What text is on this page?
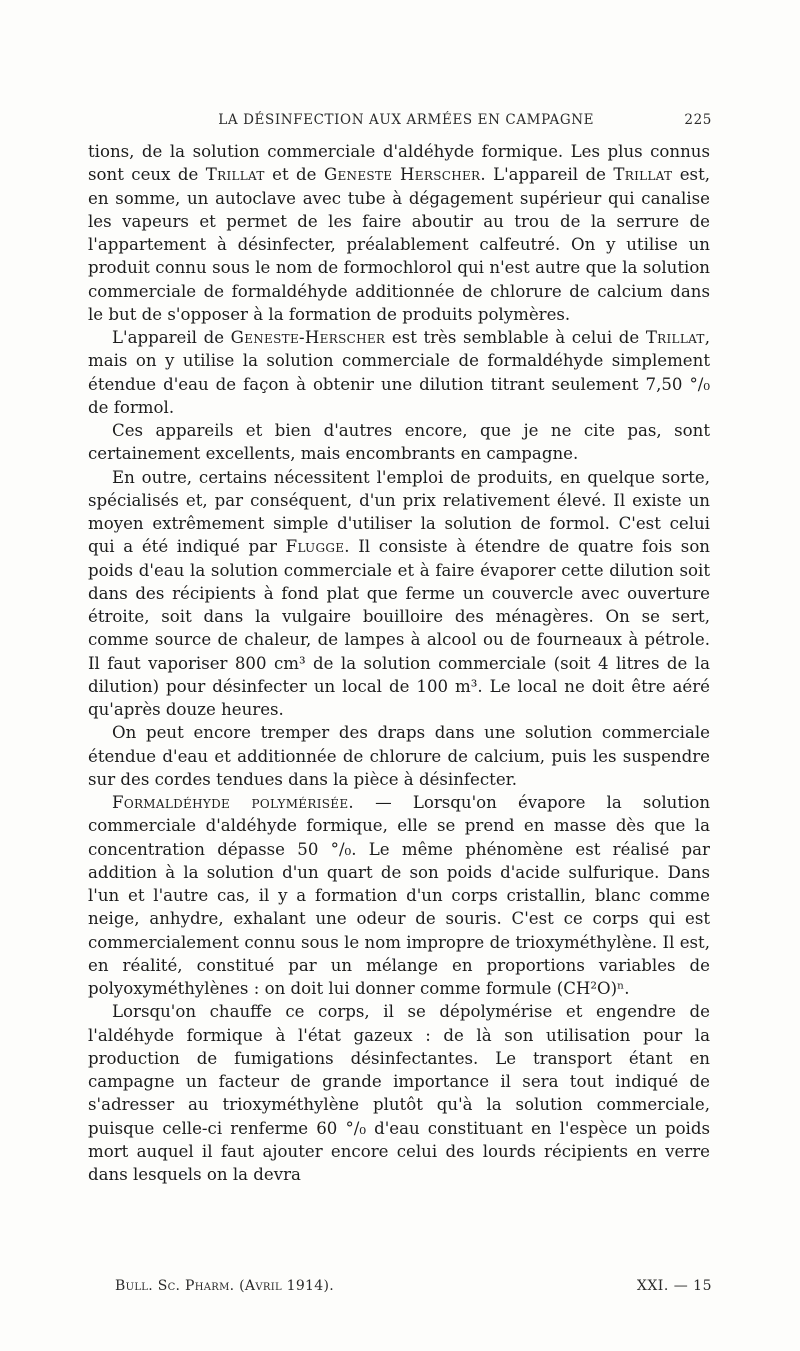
LA DÉSINFECTION AUX ARMÉES EN CAMPAGNE	225

tions, de la solution commerciale d'aldéhyde formique. Les plus connus sont ceux de Trillat et de Geneste Herscher. L'appareil de Trillat est, en somme, un autoclave avec tube à dégagement supérieur qui canalise les vapeurs et permet de les faire aboutir au trou de la serrure de l'appartement à désinfecter, préalablement calfeutré. On y utilise un produit connu sous le nom de formochlorol qui n'est autre que la solution commerciale de formaldéhyde additionnée de chlorure de calcium dans le but de s'opposer à la formation de produits polymères.

L'appareil de Geneste-Herscher est très semblable à celui de Trillat, mais on y utilise la solution commerciale de formaldéhyde simplement étendue d'eau de façon à obtenir une dilution titrant seulement 7,50 °/₀ de formol.

Ces appareils et bien d'autres encore, que je ne cite pas, sont certainement excellents, mais encombrants en campagne.

En outre, certains nécessitent l'emploi de produits, en quelque sorte, spécialisés et, par conséquent, d'un prix relativement élevé. Il existe un moyen extrêmement simple d'utiliser la solution de formol. C'est celui qui a été indiqué par Flugge. Il consiste à étendre de quatre fois son poids d'eau la solution commerciale et à faire évaporer cette dilution soit dans des récipients à fond plat que ferme un couvercle avec ouverture étroite, soit dans la vulgaire bouilloire des ménagères. On se sert, comme source de chaleur, de lampes à alcool ou de fourneaux à pétrole. Il faut vaporiser 800 cm³ de la solution commerciale (soit 4 litres de la dilution) pour désinfecter un local de 100 m³. Le local ne doit être aéré qu'après douze heures.

On peut encore tremper des draps dans une solution commerciale étendue d'eau et additionnée de chlorure de calcium, puis les suspendre sur des cordes tendues dans la pièce à désinfecter.

Formaldéhyde polymérisée. — Lorsqu'on évapore la solution commerciale d'aldéhyde formique, elle se prend en masse dès que la concentration dépasse 50 °/₀. Le même phénomène est réalisé par addition à la solution d'un quart de son poids d'acide sulfurique. Dans l'un et l'autre cas, il y a formation d'un corps cristallin, blanc comme neige, anhydre, exhalant une odeur de souris. C'est ce corps qui est commercialement connu sous le nom impropre de trioxyméthylène. Il est, en réalité, constitué par un mélange en proportions variables de polyoxyméthylènes : on doit lui donner comme formule (CH²O)ⁿ.

Lorsqu'on chauffe ce corps, il se dépolymérise et engendre de l'aldéhyde formique à l'état gazeux : de là son utilisation pour la production de fumigations désinfectantes. Le transport étant en campagne un facteur de grande importance il sera tout indiqué de s'adresser au trioxyméthylène plutôt qu'à la solution commerciale, puisque celle-ci renferme 60 °/₀ d'eau constituant en l'espèce un poids mort auquel il faut ajouter encore celui des lourds récipients en verre dans lesquels on la devra

Bull. Sc. Pharm. (Avril 1914).	XXI. — 15
